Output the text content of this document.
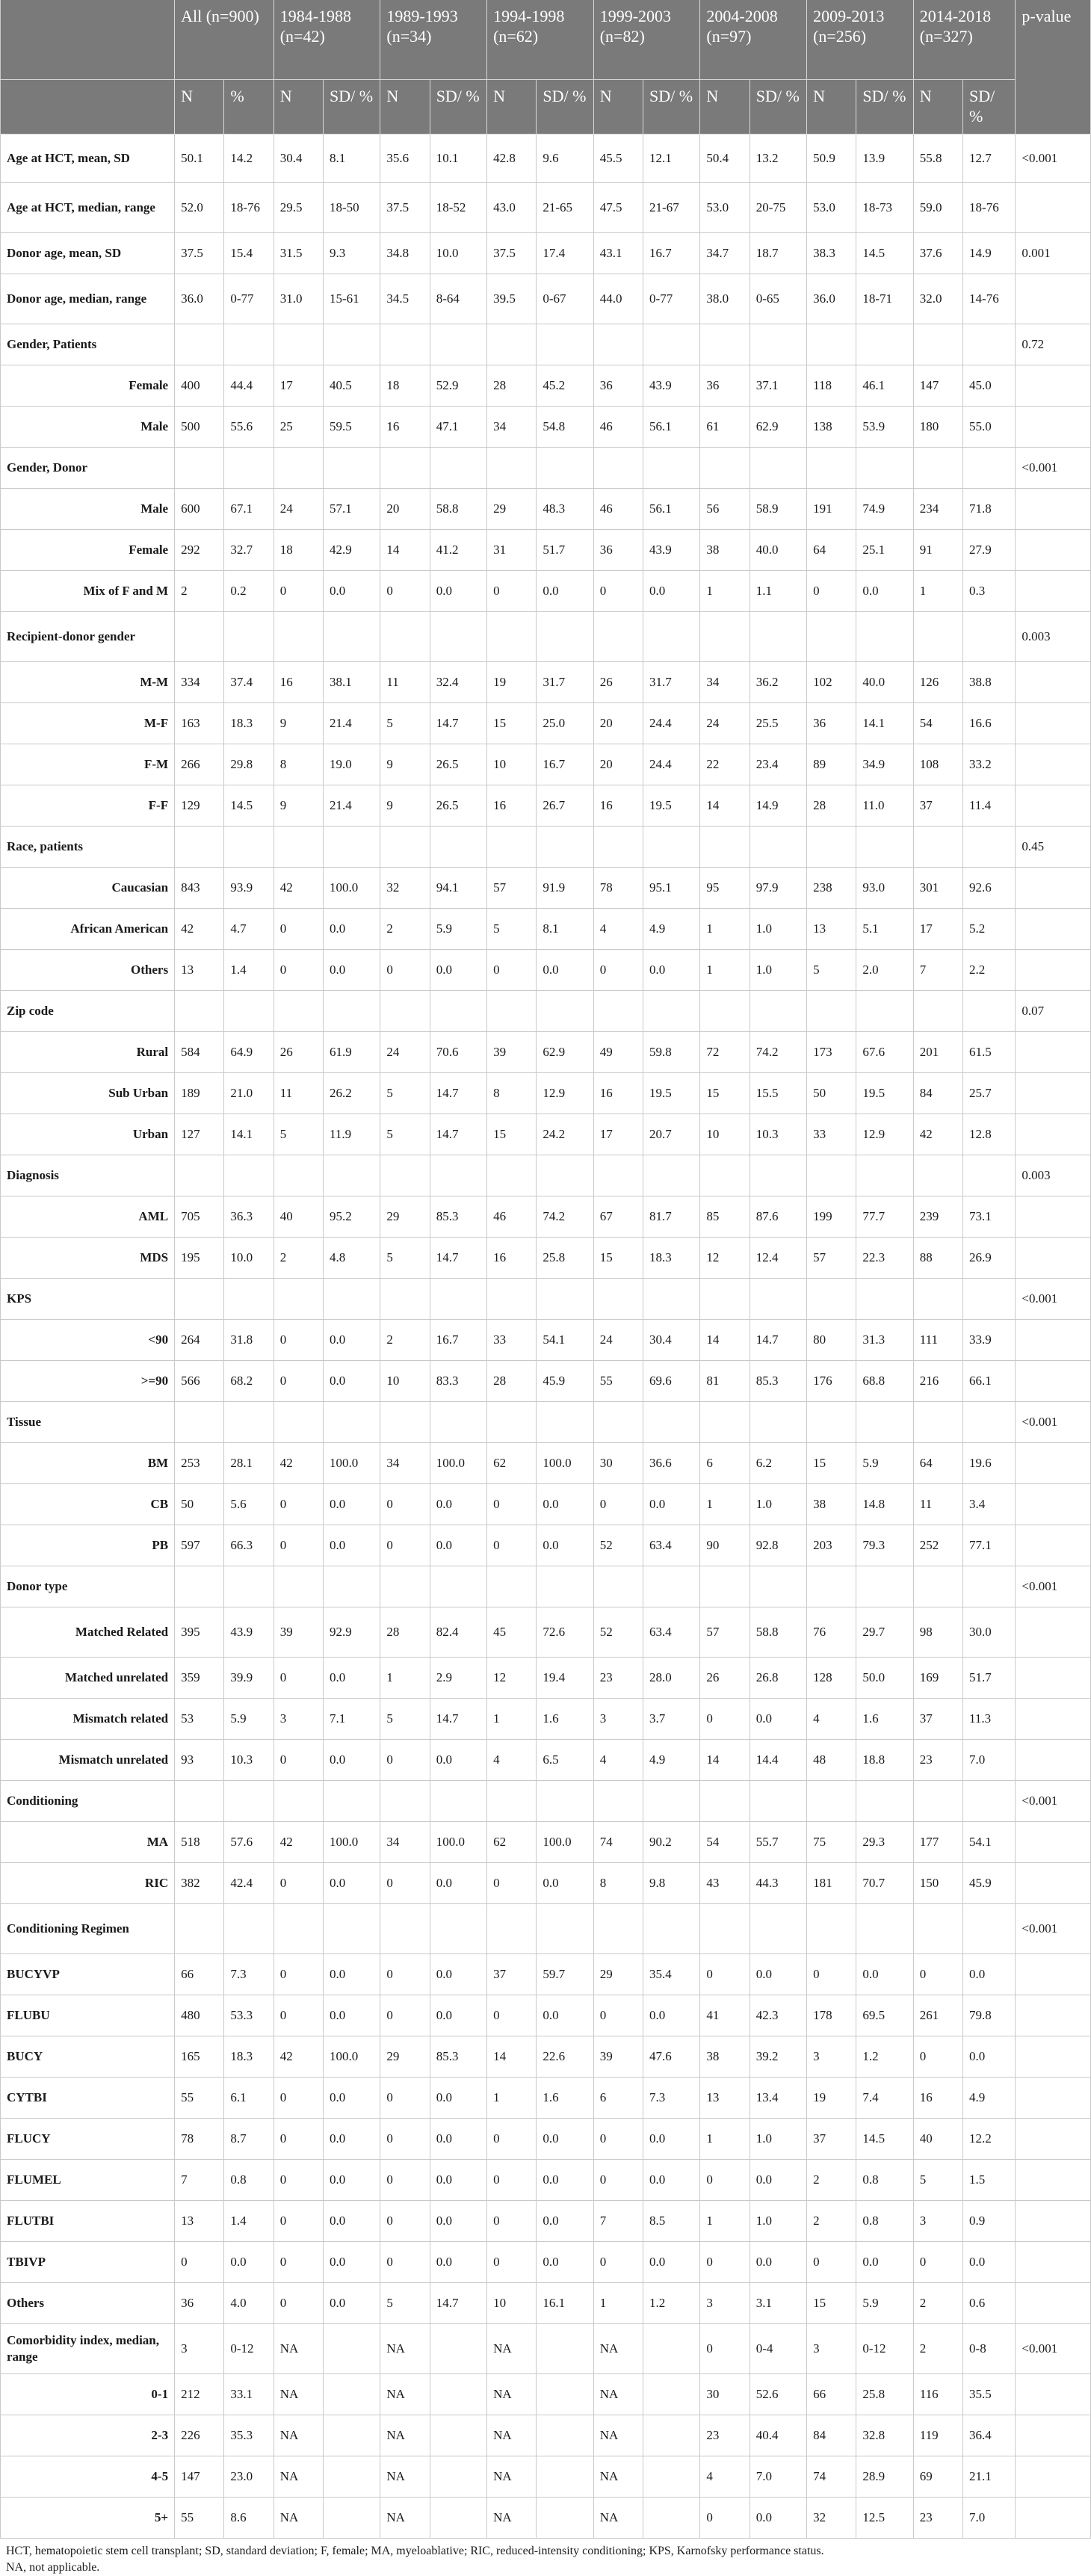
	All (n=900)		1984-1988 (n=42)		1989-1993 (n=34)		1994-1998 (n=62)		1999-2003 (n=82)		2004-2008 (n=97)		2009-2013 (n=256)		2014-2018 (n=327)		p-value
	N	%	N	SD/ %	N	SD/ %	N	SD/ %	N	SD/ %	N	SD/ %	N	SD/ %	N	SD/ %	
Age at HCT, mean, SD	50.1	14.2	30.4	8.1	35.6	10.1	42.8	9.6	45.5	12.1	50.4	13.2	50.9	13.9	55.8	12.7	<0.001
Age at HCT, median, range	52.0	18-76	29.5	18-50	37.5	18-52	43.0	21-65	47.5	21-67	53.0	20-75	53.0	18-73	59.0	18-76	
Donor age, mean, SD	37.5	15.4	31.5	9.3	34.8	10.0	37.5	17.4	43.1	16.7	34.7	18.7	38.3	14.5	37.6	14.9	0.001
Donor age, median, range	36.0	0-77	31.0	15-61	34.5	8-64	39.5	0-67	44.0	0-77	38.0	0-65	36.0	18-71	32.0	14-76	
Gender, Patients																	0.72
Female	400	44.4	17	40.5	18	52.9	28	45.2	36	43.9	36	37.1	118	46.1	147	45.0	
Male	500	55.6	25	59.5	16	47.1	34	54.8	46	56.1	61	62.9	138	53.9	180	55.0	
Gender, Donor																	<0.001
Male	600	67.1	24	57.1	20	58.8	29	48.3	46	56.1	56	58.9	191	74.9	234	71.8	
Female	292	32.7	18	42.9	14	41.2	31	51.7	36	43.9	38	40.0	64	25.1	91	27.9	
Mix of F and M	2	0.2	0	0.0	0	0.0	0	0.0	0	0.0	1	1.1	0	0.0	1	0.3	
Recipient-donor gender																	0.003
M-M	334	37.4	16	38.1	11	32.4	19	31.7	26	31.7	34	36.2	102	40.0	126	38.8	
M-F	163	18.3	9	21.4	5	14.7	15	25.0	20	24.4	24	25.5	36	14.1	54	16.6	
F-M	266	29.8	8	19.0	9	26.5	10	16.7	20	24.4	22	23.4	89	34.9	108	33.2	
F-F	129	14.5	9	21.4	9	26.5	16	26.7	16	19.5	14	14.9	28	11.0	37	11.4	
Race, patients																	0.45
Caucasian	843	93.9	42	100.0	32	94.1	57	91.9	78	95.1	95	97.9	238	93.0	301	92.6	
African American	42	4.7	0	0.0	2	5.9	5	8.1	4	4.9	1	1.0	13	5.1	17	5.2	
Others	13	1.4	0	0.0	0	0.0	0	0.0	0	0.0	1	1.0	5	2.0	7	2.2	
Zip code																	0.07
Rural	584	64.9	26	61.9	24	70.6	39	62.9	49	59.8	72	74.2	173	67.6	201	61.5	
Sub Urban	189	21.0	11	26.2	5	14.7	8	12.9	16	19.5	15	15.5	50	19.5	84	25.7	
Urban	127	14.1	5	11.9	5	14.7	15	24.2	17	20.7	10	10.3	33	12.9	42	12.8	
Diagnosis																	0.003
AML	705	36.3	40	95.2	29	85.3	46	74.2	67	81.7	85	87.6	199	77.7	239	73.1	
MDS	195	10.0	2	4.8	5	14.7	16	25.8	15	18.3	12	12.4	57	22.3	88	26.9	
KPS																	<0.001
<90	264	31.8	0	0.0	2	16.7	33	54.1	24	30.4	14	14.7	80	31.3	111	33.9	
>=90	566	68.2	0	0.0	10	83.3	28	45.9	55	69.6	81	85.3	176	68.8	216	66.1	
Tissue																	<0.001
BM	253	28.1	42	100.0	34	100.0	62	100.0	30	36.6	6	6.2	15	5.9	64	19.6	
CB	50	5.6	0	0.0	0	0.0	0	0.0	0	0.0	1	1.0	38	14.8	11	3.4	
PB	597	66.3	0	0.0	0	0.0	0	0.0	52	63.4	90	92.8	203	79.3	252	77.1	
Donor type																	<0.001
Matched Related	395	43.9	39	92.9	28	82.4	45	72.6	52	63.4	57	58.8	76	29.7	98	30.0	
Matched unrelated	359	39.9	0	0.0	1	2.9	12	19.4	23	28.0	26	26.8	128	50.0	169	51.7	
Mismatch related	53	5.9	3	7.1	5	14.7	1	1.6	3	3.7	0	0.0	4	1.6	37	11.3	
Mismatch unrelated	93	10.3	0	0.0	0	0.0	4	6.5	4	4.9	14	14.4	48	18.8	23	7.0	
Conditioning																	<0.001
MA	518	57.6	42	100.0	34	100.0	62	100.0	74	90.2	54	55.7	75	29.3	177	54.1	
RIC	382	42.4	0	0.0	0	0.0	0	0.0	8	9.8	43	44.3	181	70.7	150	45.9	
Conditioning Regimen																	<0.001
BUCYVP	66	7.3	0	0.0	0	0.0	37	59.7	29	35.4	0	0.0	0	0.0	0	0.0	
FLUBU	480	53.3	0	0.0	0	0.0	0	0.0	0	0.0	41	42.3	178	69.5	261	79.8	
BUCY	165	18.3	42	100.0	29	85.3	14	22.6	39	47.6	38	39.2	3	1.2	0	0.0	
CYTBI	55	6.1	0	0.0	0	0.0	1	1.6	6	7.3	13	13.4	19	7.4	16	4.9	
FLUCY	78	8.7	0	0.0	0	0.0	0	0.0	0	0.0	1	1.0	37	14.5	40	12.2	
FLUMEL	7	0.8	0	0.0	0	0.0	0	0.0	0	0.0	0	0.0	2	0.8	5	1.5	
FLUTBI	13	1.4	0	0.0	0	0.0	0	0.0	7	8.5	1	1.0	2	0.8	3	0.9	
TBIVP	0	0.0	0	0.0	0	0.0	0	0.0	0	0.0	0	0.0	0	0.0	0	0.0	
Others	36	4.0	0	0.0	5	14.7	10	16.1	1	1.2	3	3.1	15	5.9	2	0.6	
Comorbidity index, median, range	3	0-12	NA		NA		NA		NA		0	0-4	3	0-12	2	0-8	<0.001
0-1	212	33.1	NA		NA		NA		NA		30	52.6	66	25.8	116	35.5	
2-3	226	35.3	NA		NA		NA		NA		23	40.4	84	32.8	119	36.4	
4-5	147	23.0	NA		NA		NA		NA		4	7.0	74	28.9	69	21.1	
5+	55	8.6	NA		NA		NA		NA		0	0.0	32	12.5	23	7.0	
HCT, hematopoietic stem cell transplant; SD, standard deviation; F, female; MA, myeloablative; RIC, reduced-intensity conditioning; KPS, Karnofsky performance status.
NA, not applicable.
